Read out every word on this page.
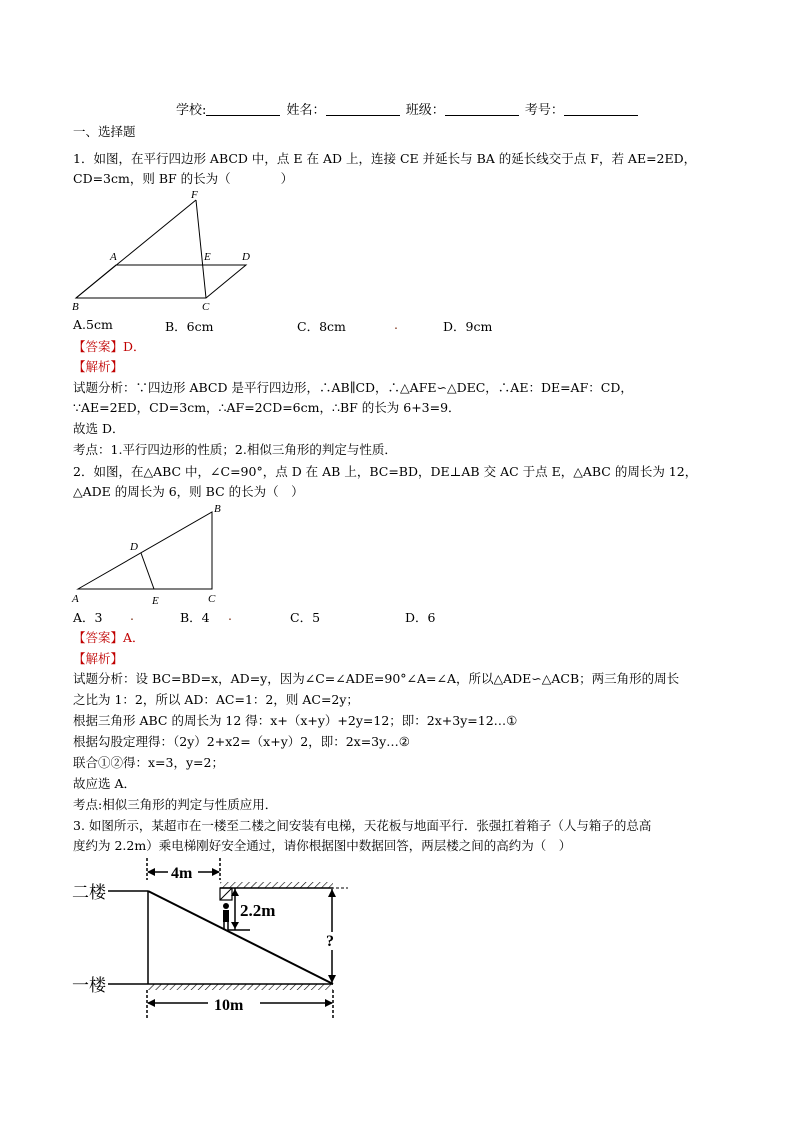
学校:	姓名：	班级：	考号：
一、选择题
1．如图，在平行四边形 ABCD 中，点 E 在 AD 上，连接 CE 并延长与 BA 的延长线交于点 F，若 AE=2ED，
CD=3cm，则 BF 的长为（　　　　）
F
A	E	D
B	C
A.5cm	B．6cm	C．8cm	.	D．9cm
【答案】D．
【解析】
试题分析：∵四边形 ABCD 是平行四边形，∴AB∥CD，∴△AFE∽△DEC，∴AE：DE=AF：CD，
∵AE=2ED，CD=3cm，∴AF=2CD=6cm，∴BF 的长为 6+3=9．
故选 D．
考点：1.平行四边形的性质；2.相似三角形的判定与性质．
2．如图，在△ABC 中，∠C=90°，点 D 在 AB 上，BC=BD，DE⊥AB 交 AC 于点 E，△ABC 的周长为 12，
△ADE 的周长为 6，则 BC 的长为（　）
B
D
A	E	C
A．3 .	B．4 .	C．5	D．6
【答案】A．
【解析】
试题分析：设 BC=BD=x，AD=y，因为∠C=∠ADE=90°∠A=∠A，所以△ADE∽△ACB；两三角形的周长
之比为 1：2，所以 AD：AC=1：2，则 AC=2y；
根据三角形 ABC 的周长为 12 得：x+（x+y）+2y=12；即：2x+3y=12…①
根据勾股定理得：（2y）2+x2=（x+y）2，即：2x=3y…②
联合①②得：x=3，y=2；
故应选 A．
考点:相似三角形的判定与性质应用．
3. 如图所示，某超市在一楼至二楼之间安装有电梯，天花板与地面平行．张强扛着箱子（人与箱子的总高
度约为 2.2m）乘电梯刚好安全通过，请你根据图中数据回答，两层楼之间的高约为（　）
4m
二楼
2.2m
?
一楼
10m
